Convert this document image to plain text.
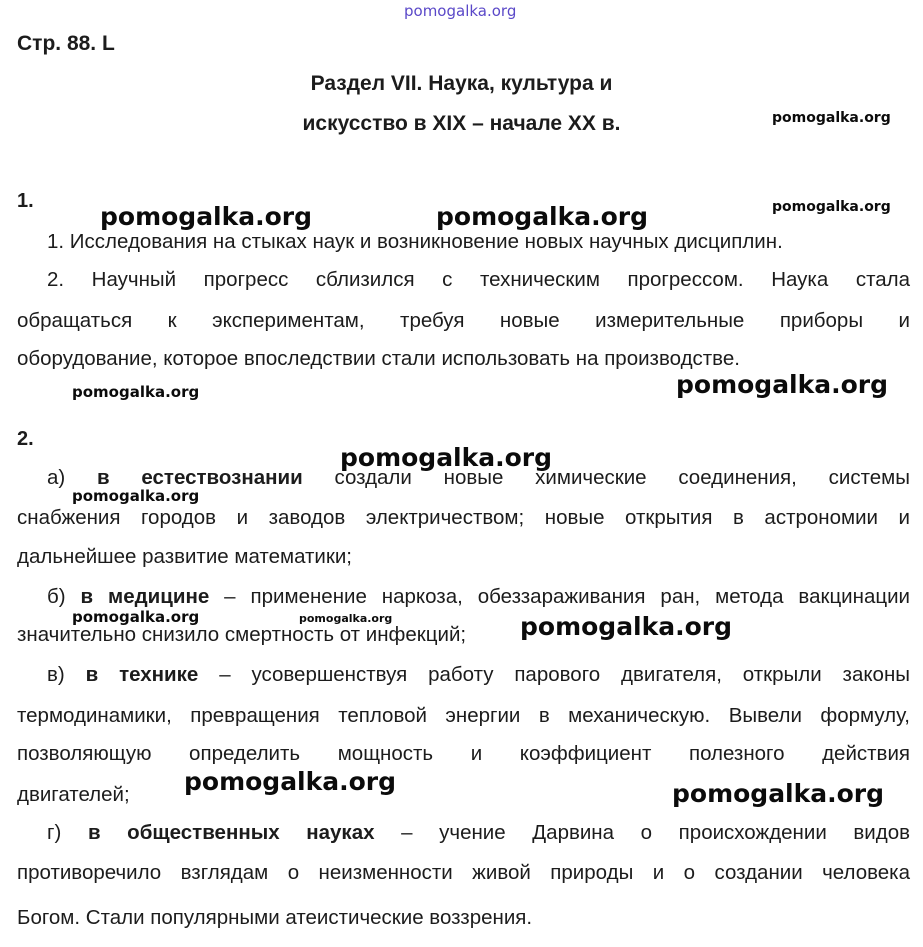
pomogalka.org
Стр. 88. L
Раздел VII. Наука, культура и
искусство в XIX – начале XX в.
1.
1. Исследования на стыках наук и возникновение новых научных дисциплин.
2. Научный прогресс сблизился с техническим прогрессом. Наука стала
обращаться к экспериментам, требуя новые измерительные приборы и
оборудование, которое впоследствии стали использовать на производстве.
2.
а) в естествознании создали новые химические соединения, системы
снабжения городов и заводов электричеством; новые открытия в астрономии и
дальнейшее развитие математики;
б) в медицине – применение наркоза, обеззараживания ран, метода вакцинации
значительно снизило смертность от инфекций;
в) в технике – усовершенствуя работу парового двигателя, открыли законы
термодинамики, превращения тепловой энергии в механическую. Вывели формулу,
позволяющую определить мощность и коэффициент полезного действия
двигателей;
г) в общественных науках – учение Дарвина о происхождении видов
противоречило взглядам о неизменности живой природы и о создании человека
Богом. Стали популярными атеистические воззрения.
pomogalka.org
pomogalka.org
pomogalka.org	pomogalka.org
pomogalka.org
pomogalka.org
pomogalka.org
pomogalka.org
pomogalka.org	pomogalka.org	pomogalka.org
pomogalka.org	pomogalka.org
